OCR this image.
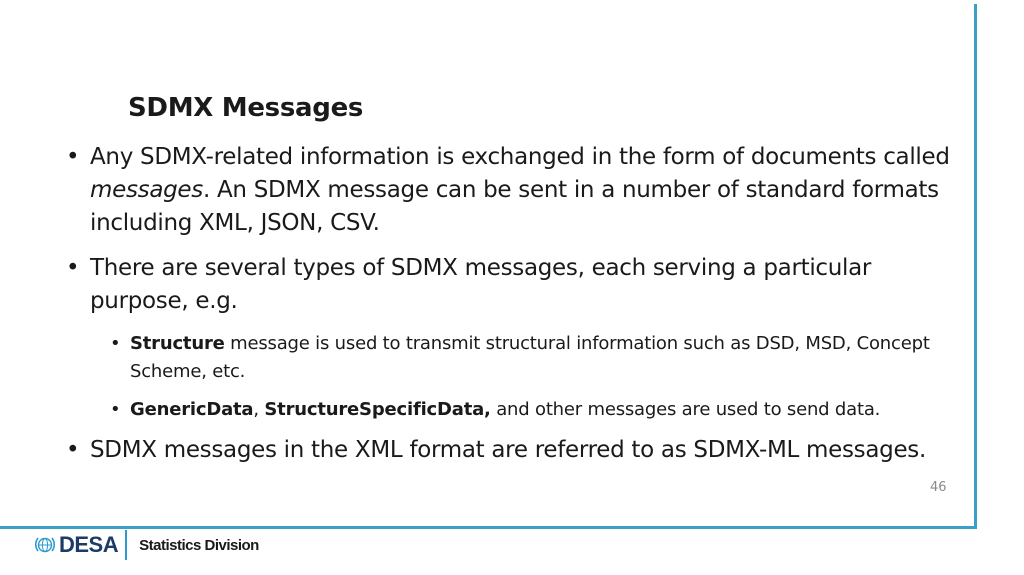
SDMX Messages
• Any SDMX-related information is exchanged in the form of documents called messages. An SDMX message can be sent in a number of standard formats including XML, JSON, CSV.
• There are several types of SDMX messages, each serving a particular purpose, e.g.
• Structure message is used to transmit structural information such as DSD, MSD, Concept Scheme, etc.
• GenericData, StructureSpecificData, and other messages are used to send data.
• SDMX messages in the XML format are referred to as SDMX-ML messages.
46
DESA Statistics Division
